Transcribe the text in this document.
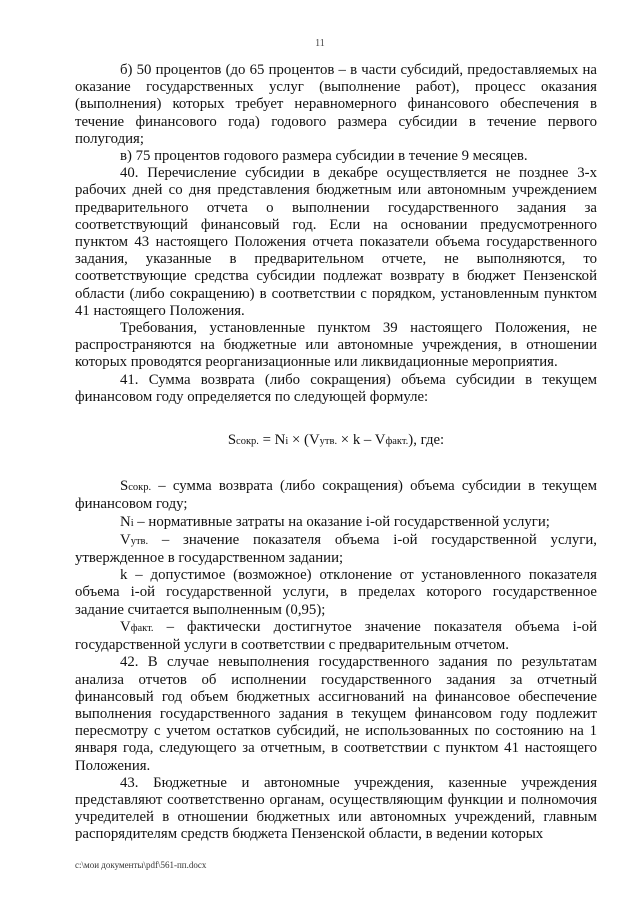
11

б) 50 процентов (до 65 процентов – в части субсидий, предоставляемых на оказание государственных услуг (выполнение работ), процесс оказания (выполнения) которых требует неравномерного финансового обеспечения в течение финансового года) годового размера субсидии в течение первого полугодия;

в) 75 процентов годового размера субсидии в течение 9 месяцев.

40. Перечисление субсидии в декабре осуществляется не позднее 3-х рабочих дней со дня представления бюджетным или автономным учреждением предварительного отчета о выполнении государственного задания за соответствующий финансовый год. Если на основании предусмотренного пунктом 43 настоящего Положения отчета показатели объема государственного задания, указанные в предварительном отчете, не выполняются, то соответствующие средства субсидии подлежат возврату в бюджет Пензенской области (либо сокращению) в соответствии с порядком, установленным пунктом 41 настоящего Положения.

Требования, установленные пунктом 39 настоящего Положения, не распространяются на бюджетные или автономные учреждения, в отношении которых проводятся реорганизационные или ликвидационные мероприятия.

41. Сумма возврата (либо сокращения) объема субсидии в текущем финансовом году определяется по следующей формуле:

Sсокр. = Ni × (Vутв. × k – Vфакт.), где:

Sсокр. – сумма возврата (либо сокращения) объема субсидии в текущем финансовом году;

Ni – нормативные затраты на оказание i-ой государственной услуги;

Vутв. – значение показателя объема i-ой государственной услуги, утвержденное в государственном задании;

k – допустимое (возможное) отклонение от установленного показателя объема i-ой государственной услуги, в пределах которого государственное задание считается выполненным (0,95);

Vфакт. – фактически достигнутое значение показателя объема i-ой государственной услуги в соответствии с предварительным отчетом.

42. В случае невыполнения государственного задания по результатам анализа отчетов об исполнении государственного задания за отчетный финансовый год объем бюджетных ассигнований на финансовое обеспечение выполнения государственного задания в текущем финансовом году подлежит пересмотру с учетом остатков субсидий, не использованных по состоянию на 1 января года, следующего за отчетным, в соответствии с пунктом 41 настоящего Положения.

43. Бюджетные и автономные учреждения, казенные учреждения представляют соответственно органам, осуществляющим функции и полномочия учредителей в отношении бюджетных или автономных учреждений, главным распорядителям средств бюджета Пензенской области, в ведении которых

c:\мои документы\pdf\561-пп.docx
